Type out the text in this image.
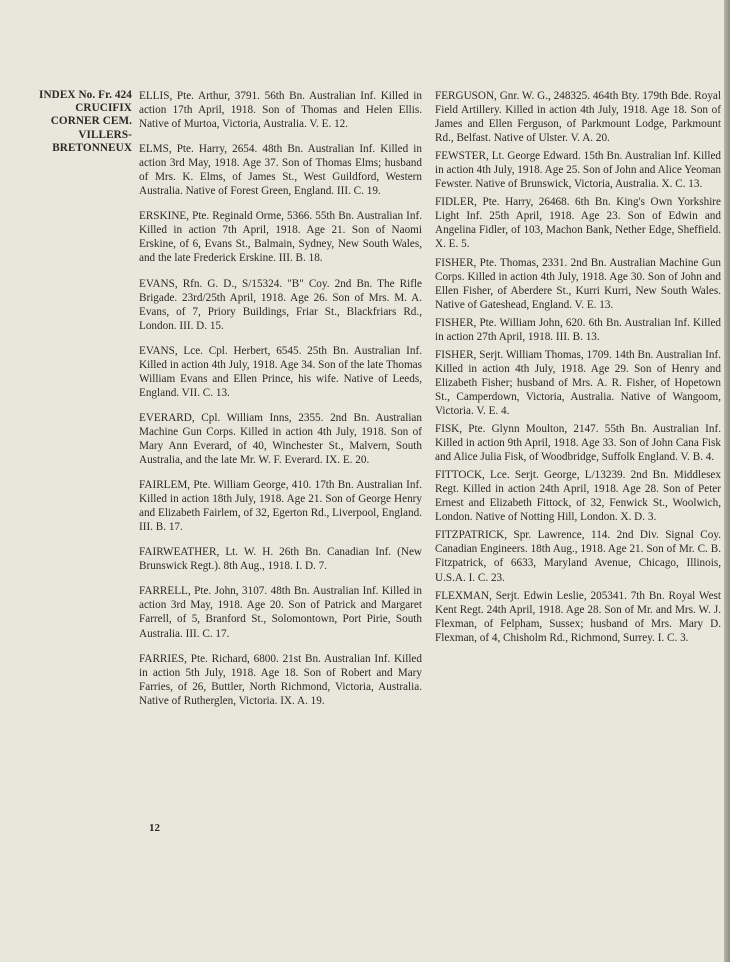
INDEX No. Fr. 424
CRUCIFIX
CORNER CEM.
VILLERS-
BRETONNEUX

ELLIS, Pte. Arthur, 3791. 56th Bn. Australian Inf. Killed in action 17th April, 1918. Son of Thomas and Helen Ellis. Native of Murtoa, Victoria, Australia. V. E. 12.

ELMS, Pte. Harry, 2654. 48th Bn. Australian Inf. Killed in action 3rd May, 1918. Age 37. Son of Thomas Elms; husband of Mrs. K. Elms, of James St., West Guildford, Western Australia. Native of Forest Green, England. III. C. 19.

ERSKINE, Pte. Reginald Orme, 5366. 55th Bn. Australian Inf. Killed in action 7th April, 1918. Age 21. Son of Naomi Erskine, of 6, Evans St., Balmain, Sydney, New South Wales, and the late Frederick Erskine. III. B. 18.

EVANS, Rfn. G. D., S/15324. "B" Coy. 2nd Bn. The Rifle Brigade. 23rd/25th April, 1918. Age 26. Son of Mrs. M. A. Evans, of 7, Priory Buildings, Friar St., Blackfriars Rd., London. III. D. 15.

EVANS, Lce. Cpl. Herbert, 6545. 25th Bn. Australian Inf. Killed in action 4th July, 1918. Age 34. Son of the late Thomas William Evans and Ellen Prince, his wife. Native of Leeds, England. VII. C. 13.

EVERARD, Cpl. William Inns, 2355. 2nd Bn. Australian Machine Gun Corps. Killed in action 4th July, 1918. Son of Mary Ann Everard, of 40, Winchester St., Malvern, South Australia, and the late Mr. W. F. Everard. IX. E. 20.

FAIRLEM, Pte. William George, 410. 17th Bn. Australian Inf. Killed in action 18th July, 1918. Age 21. Son of George Henry and Elizabeth Fairlem, of 32, Egerton Rd., Liverpool, England. III. B. 17.

FAIRWEATHER, Lt. W. H. 26th Bn. Canadian Inf. (New Brunswick Regt.). 8th Aug., 1918. I. D. 7.

FARRELL, Pte. John, 3107. 48th Bn. Australian Inf. Killed in action 3rd May, 1918. Age 20. Son of Patrick and Margaret Farrell, of 5, Branford St., Solomontown, Port Pirie, South Australia. III. C. 17.

FARRIES, Pte. Richard, 6800. 21st Bn. Australian Inf. Killed in action 5th July, 1918. Age 18. Son of Robert and Mary Farries, of 26, Buttler, North Richmond, Victoria, Australia. Native of Rutherglen, Victoria. IX. A. 19.

FERGUSON, Gnr. W. G., 248325. 464th Bty. 179th Bde. Royal Field Artillery. Killed in action 4th July, 1918. Age 18. Son of James and Ellen Ferguson, of Parkmount Lodge, Parkmount Rd., Belfast. Native of Ulster. V. A. 20.

FEWSTER, Lt. George Edward. 15th Bn. Australian Inf. Killed in action 4th July, 1918. Age 25. Son of John and Alice Yeoman Fewster. Native of Brunswick, Victoria, Australia. X. C. 13.

FIDLER, Pte. Harry, 26468. 6th Bn. King's Own Yorkshire Light Inf. 25th April, 1918. Age 23. Son of Edwin and Angelina Fidler, of 103, Machon Bank, Nether Edge, Sheffield. X. E. 5.

FISHER, Pte. Thomas, 2331. 2nd Bn. Australian Machine Gun Corps. Killed in action 4th July, 1918. Age 30. Son of John and Ellen Fisher, of Aberdere St., Kurri Kurri, New South Wales. Native of Gateshead, England. V. E. 13.

FISHER, Pte. William John, 620. 6th Bn. Australian Inf. Killed in action 27th April, 1918. III. B. 13.

FISHER, Serjt. William Thomas, 1709. 14th Bn. Australian Inf. Killed in action 4th July, 1918. Age 29. Son of Henry and Elizabeth Fisher; husband of Mrs. A. R. Fisher, of Hopetown St., Camperdown, Victoria, Australia. Native of Wangoom, Victoria. V. E. 4.

FISK, Pte. Glynn Moulton, 2147. 55th Bn. Australian Inf. Killed in action 9th April, 1918. Age 33. Son of John Cana Fisk and Alice Julia Fisk, of Woodbridge, Suffolk England. V. B. 4.

FITTOCK, Lce. Serjt. George, L/13239. 2nd Bn. Middlesex Regt. Killed in action 24th April, 1918. Age 28. Son of Peter Ernest and Elizabeth Fittock, of 32, Fenwick St., Woolwich, London. Native of Notting Hill, London. X. D. 3.

FITZPATRICK, Spr. Lawrence, 114. 2nd Div. Signal Coy. Canadian Engineers. 18th Aug., 1918. Age 21. Son of Mr. C. B. Fitzpatrick, of 6633, Maryland Avenue, Chicago, Illinois, U.S.A. I. C. 23.

FLEXMAN, Serjt. Edwin Leslie, 205341. 7th Bn. Royal West Kent Regt. 24th April, 1918. Age 28. Son of Mr. and Mrs. W. J. Flexman, of Felpham, Sussex; husband of Mrs. Mary D. Flexman, of 4, Chisholm Rd., Richmond, Surrey. I. C. 3.

12
